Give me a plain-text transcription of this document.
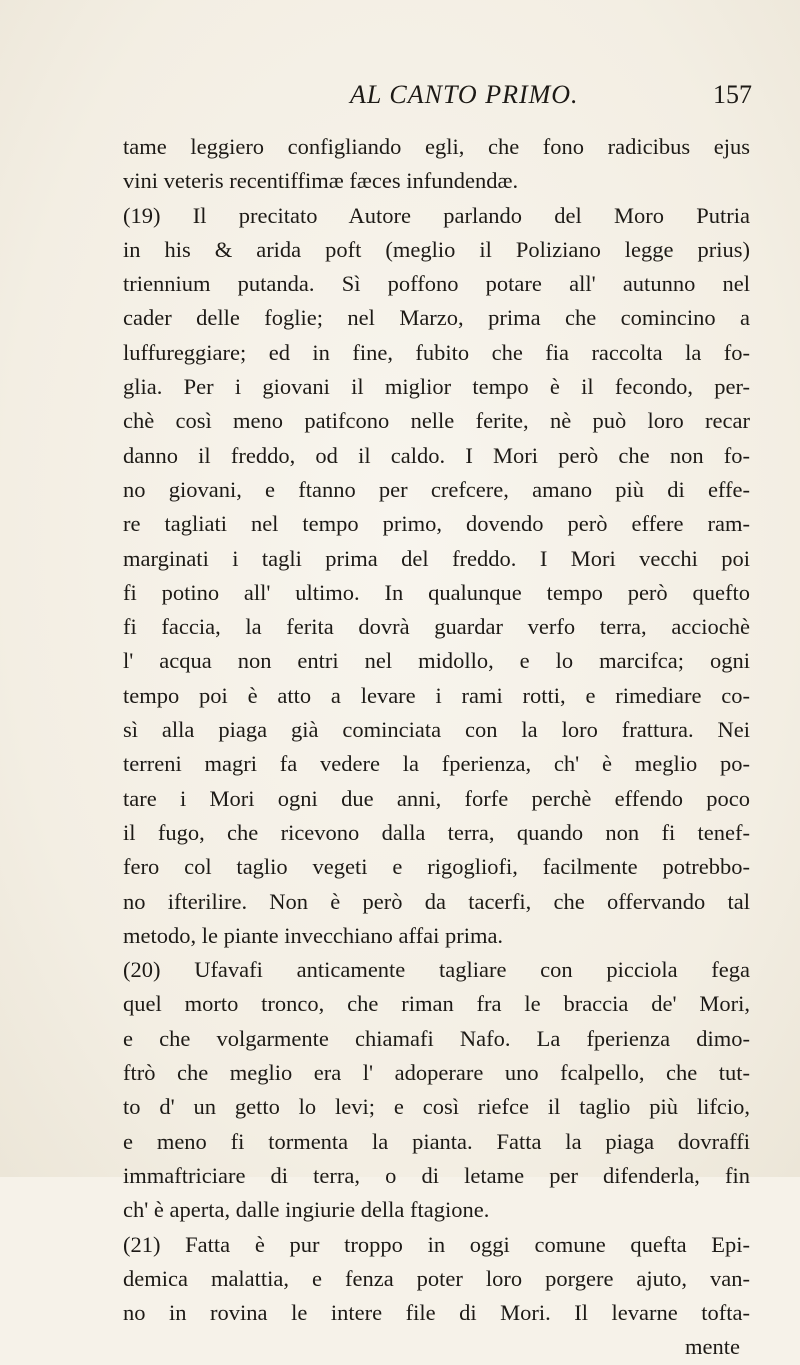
AL CANTO PRIMO.	157
tame leggiero configliando egli, che fono radicibus ejus
vini veteris recentiffimæ fæces infundendæ.
(19) Il precitato Autore parlando del Moro Putria
in his & arida poft (meglio il Poliziano legge prius)
triennium putanda. Sì poffono potare all' autunno nel
cader delle foglie; nel Marzo, prima che comincino a
luffureggiare; ed in fine, fubito che fia raccolta la fo-
glia. Per i giovani il miglior tempo è il fecondo, per-
chè così meno patifcono nelle ferite, nè può loro recar
danno il freddo, od il caldo. I Mori però che non fo-
no giovani, e ftanno per crefcere, amano più di effe-
re tagliati nel tempo primo, dovendo però effere ram-
marginati i tagli prima del freddo. I Mori vecchi poi
fi potino all' ultimo. In qualunque tempo però quefto
fi faccia, la ferita dovrà guardar verfo terra, acciochè
l' acqua non entri nel midollo, e lo marcifca; ogni
tempo poi è atto a levare i rami rotti, e rimediare co-
sì alla piaga già cominciata con la loro frattura. Nei
terreni magri fa vedere la fperienza, ch' è meglio po-
tare i Mori ogni due anni, forfe perchè effendo poco
il fugo, che ricevono dalla terra, quando non fi tenef-
fero col taglio vegeti e rigogliofi, facilmente potrebbo-
no ifterilire. Non è però da tacerfi, che offervando tal
metodo, le piante invecchiano affai prima.
(20) Ufavafi anticamente tagliare con picciola fega
quel morto tronco, che riman fra le braccia de' Mori,
e che volgarmente chiamafi Nafo. La fperienza dimo-
ftrò che meglio era l' adoperare uno fcalpello, che tut-
to d' un getto lo levi; e così riefce il taglio più lifcio,
e meno fi tormenta la pianta. Fatta la piaga dovraffi
immaftriciare di terra, o di letame per difenderla, fin
ch' è aperta, dalle ingiurie della ftagione.
(21) Fatta è pur troppo in oggi comune quefta Epi-
demica malattia, e fenza poter loro porgere ajuto, van-
no in rovina le intere file di Mori. Il levarne tofta-
mente
